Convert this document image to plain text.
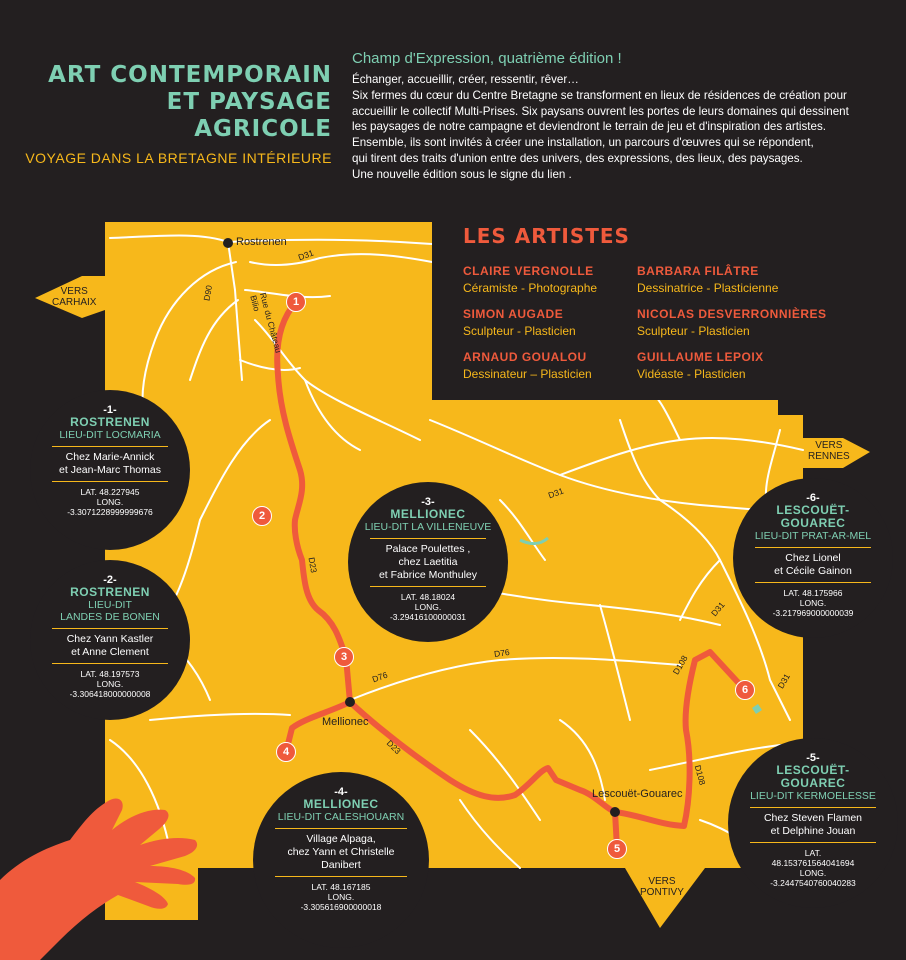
ART CONTEMPORAIN
ET PAYSAGE
AGRICOLE
VOYAGE DANS LA BRETAGNE INTÉRIEURE
Champ d'Expression, quatrième édition !

Échanger, accueillir, créer, ressentir, rêver…
Six fermes du cœur du Centre Bretagne se transforment en lieux de résidences de création pour
accueillir le collectif Multi-Prises. Six paysans ouvrent les portes de leurs domaines qui dessinent
les paysages de notre campagne et deviendront le terrain de jeu et d'inspiration des artistes.
Ensemble, ils sont invités à créer une installation, un parcours d'œuvres qui se répondent,
qui tirent des traits d'union entre des univers, des expressions, des lieux, des paysages.
Une nouvelle édition sous le signe du lien .

VERS
CARHAIX
VERS
RENNES
VERS
PONTIVY
Rostrenen
Mellionec
Lescouët-Gouarec
D31
D90	Rue du Château Bilio
D23
D76
D76
D23
D31
D31
D31
D108
D108
1
2
3
4
5
6
LES ARTISTES
CLAIRE VERGNOLLE
Céramiste - Photographe
BARBARA FILÂTRE
Dessinatrice - Plasticienne
SIMON AUGADE
Sculpteur - Plasticien
NICOLAS DESVERRONNIÈRES
Sculpteur - Plasticien
ARNAUD GOUALOU
Dessinateur – Plasticien
GUILLAUME LEPOIX
Vidéaste - Plasticien
-1-
ROSTRENEN
LIEU-DIT LOCMARIA
Chez Marie-Annick
et Jean-Marc Thomas
LAT. 48.227945
LONG.
-3.3071228999999676
-2-
ROSTRENEN
LIEU-DIT
LANDES DE BONEN
Chez Yann Kastler
et Anne Clement
LAT. 48.197573
LONG.
-3.306418000000008
-3-
MELLIONEC
LIEU-DIT LA VILLENEUVE
Palace Poulettes ,
chez Laetitia
et Fabrice Monthuley
LAT. 48.18024
LONG.
-3.29416100000031
-4-
MELLIONEC
LIEU-DIT CALESHOUARN
Village Alpaga,
chez Yann et Christelle
Danibert
LAT. 48.167185
LONG.
-3.305616900000018
-5-
LESCOUËT-
GOUAREC
LIEU-DIT KERMOELESSE
Chez Steven Flamen
et Delphine Jouan
LAT.
48.153761564041694
LONG.
-3.2447540760040283
-6-
LESCOUËT-
GOUAREC
LIEU-DIT PRAT-AR-MEL
Chez Lionel
et Cécile Gainon
LAT. 48.175966
LONG.
-3.217969000000039
